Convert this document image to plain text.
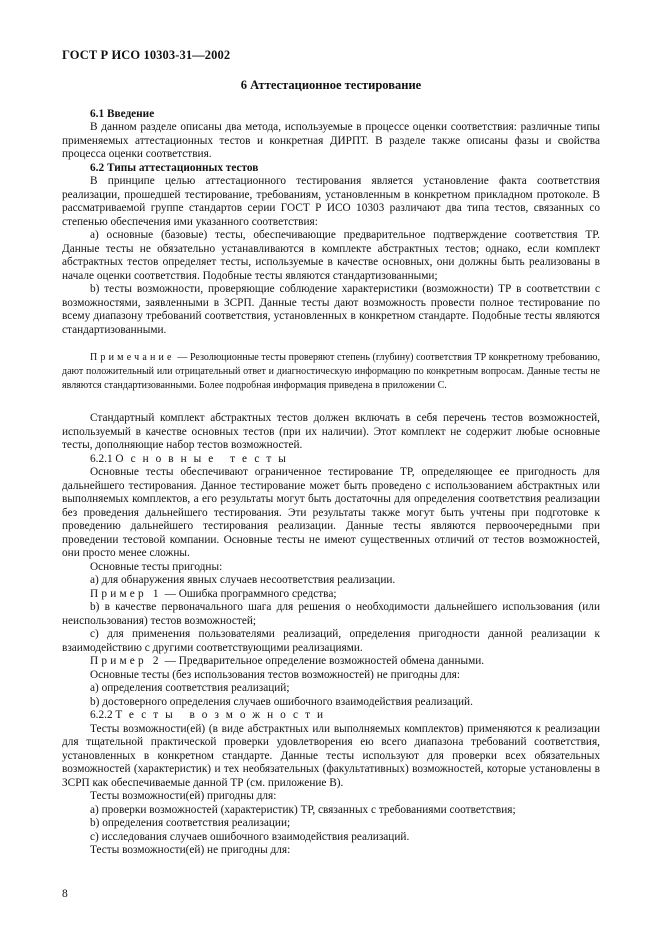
ГОСТ Р ИСО 10303-31—2002
6 Аттестационное тестирование
6.1 Введение

В данном разделе описаны два метода, используемые в процессе оценки соответствия: различные типы применяемых аттестационных тестов и конкретная ДИРПТ. В разделе также описаны фазы и свойства процесса оценки соответствия.

6.2 Типы аттестационных тестов

В принципе целью аттестационного тестирования является установление факта соответствия реализации, прошедшей тестирование, требованиям, установленным в конкретном прикладном протоколе. В рассматриваемой группе стандартов серии ГОСТ Р ИСО 10303 различают два типа тестов, связанных со степенью обеспечения ими указанного соответствия:

a) основные (базовые) тесты, обеспечивающие предварительное подтверждение соответствия ТР. Данные тесты не обязательно устанавливаются в комплекте абстрактных тестов; однако, если комплект абстрактных тестов определяет тесты, используемые в качестве основных, они должны быть реализованы в начале оценки соответствия. Подобные тесты являются стандартизованными;

b) тесты возможности, проверяющие соблюдение характеристики (возможности) ТР в соответствии с возможностями, заявленными в ЗСРП. Данные тесты дают возможность провести полное тестирование по всему диапазону требований соответствия, установленных в конкретном стандарте. Подобные тесты являются стандартизованными.

Примечание — Резолюционные тесты проверяют степень (глубину) соответствия ТР конкретному требованию, дают положительный или отрицательный ответ и диагностическую информацию по конкретным вопросам. Данные тесты не являются стандартизованными. Более подробная информация приведена в приложении С.

Стандартный комплект абстрактных тестов должен включать в себя перечень тестов возможностей, используемый в качестве основных тестов (при их наличии). Этот комплект не содержит любые основные тесты, дополняющие набор тестов возможностей.

6.2.1 Основные тесты

Основные тесты обеспечивают ограниченное тестирование ТР, определяющее ее пригодность для дальнейшего тестирования. Данное тестирование может быть проведено с использованием абстрактных или выполняемых комплектов, а его результаты могут быть достаточны для определения соответствия реализации без проведения дальнейшего тестирования. Эти результаты также могут быть учтены при подготовке к проведению дальнейшего тестирования реализации. Данные тесты являются первоочередными при проведении тестовой компании. Основные тесты не имеют существенных отличий от тестов возможностей, они просто менее сложны.

Основные тесты пригодны:

a) для обнаружения явных случаев несоответствия реализации.

Пример 1 — Ошибка программного средства;

b) в качестве первоначального шага для решения о необходимости дальнейшего использования (или неиспользования) тестов возможностей;

c) для применения пользователями реализаций, определения пригодности данной реализации к взаимодействию с другими соответствующими реализациями.

Пример 2 — Предварительное определение возможностей обмена данными.

Основные тесты (без использования тестов возможностей) не пригодны для:

a) определения соответствия реализаций;

b) достоверного определения случаев ошибочного взаимодействия реализаций.

6.2.2 Тесты возможности

Тесты возможности(ей) (в виде абстрактных или выполняемых комплектов) применяются к реализации для тщательной практической проверки удовлетворения ею всего диапазона требований соответствия, установленных в конкретном стандарте. Данные тесты используют для проверки всех обязательных возможностей (характеристик) и тех необязательных (факультативных) возможностей, которые установлены в ЗСРП как обеспечиваемые данной ТР (см. приложение В).

Тесты возможности(ей) пригодны для:

a) проверки возможностей (характеристик) ТР, связанных с требованиями соответствия;

b) определения соответствия реализации;

c) исследования случаев ошибочного взаимодействия реализаций.

Тесты возможности(ей) не пригодны для:

8
